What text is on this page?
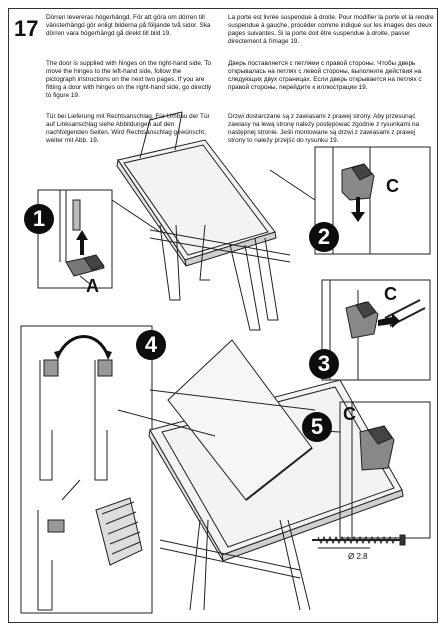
17 Dörren levereras högerhängd. För att göra om dörren till vänsterhängd gör enligt bilderna på följande två sidor. Ska dörren vara högerhängd gå direkt till bild 19.
The door is supplied with hinges on the right-hand side. To move the hinges to the left-hand side, follow the pictograph instructions on the next two pages. If you are fitting a door with hinges on the right-hand side, go directly to figure 19.
Tür bei Lieferung mit Rechtsanschlag. Für Umbau der Tür auf Linksanschlag siehe Abbildungen auf den nachfolgenden Seiten. Wird Rechtsanschlag gewünscht, weiter mit Abb. 19.
La porte est livrée suspendue à droite. Pour modifier la porte et la rendre suspendue à gauche, procéder comme indiqué sur les images des deux pages suivantes. Si la porte doit être suspendue à droite, passer directement à l'image 19.
Дверь поставляется с петлями с правой стороны. Чтобы дверь открывалась на петлях с левой стороны, выполните действия на следующих двух страницах. Если дверь открывается на петлях с правой стороны, перейдите к иллюстрации 19.
Drzwi dostarczane są z zawiasami z prawej strony. Aby przesunąć zawiasy na lewą stronę należy postępować zgodnie z rysunkami na następnej stronie. Jeśli montowane są drzwi z zawiasami z prawej strony to należy przejść do rysunku 19.
1
2
3
4
5
A
C
C
C
Ø 2.8
